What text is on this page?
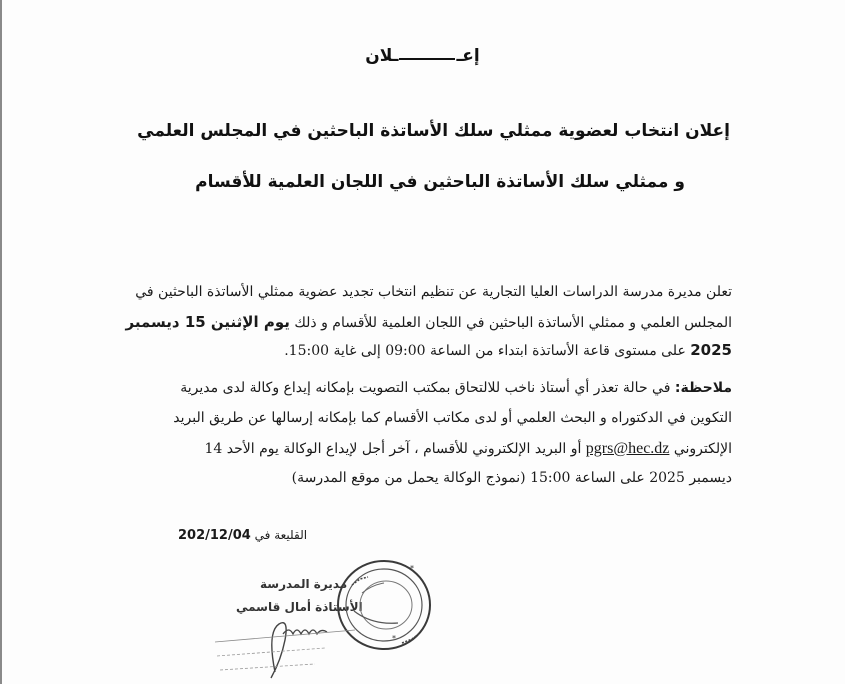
إعــلان
إعلان انتخاب لعضوية ممثلي سلك الأساتذة الباحثين في المجلس العلمي
و ممثلي سلك الأساتذة الباحثين في اللجان العلمية للأقسام
تعلن مديرة مدرسة الدراسات العليا التجارية عن تنظيم انتخاب تجديد عضوية ممثلي الأساتذة الباحثين في
المجلس العلمي و ممثلي الأساتذة الباحثين في اللجان العلمية للأقسام و ذلك يوم الإثنين 15 ديسمبر
2025 على مستوى قاعة الأساتذة ابتداء من الساعة 09:00 إلى غاية 15:00.
ملاحظة: في حالة تعذر أي أستاذ ناخب للالتحاق بمكتب التصويت بإمكانه إيداع وكالة لدى مديرية
التكوين في الدكتوراه و البحث العلمي أو لدى مكاتب الأقسام كما بإمكانه إرسالها عن طريق البريد
الإلكتروني pgrs@hec.dz أو البريد الإلكتروني للأقسام ، آخر أجل لإيداع الوكالة يوم الأحد 14
ديسمبر 2025 على الساعة 15:00 (نموذج الوكالة يحمل من موقع المدرسة)
القليعة في 202/12/04
مديرة المدرسة
الأستاذة أمال قاسمي
*
*
